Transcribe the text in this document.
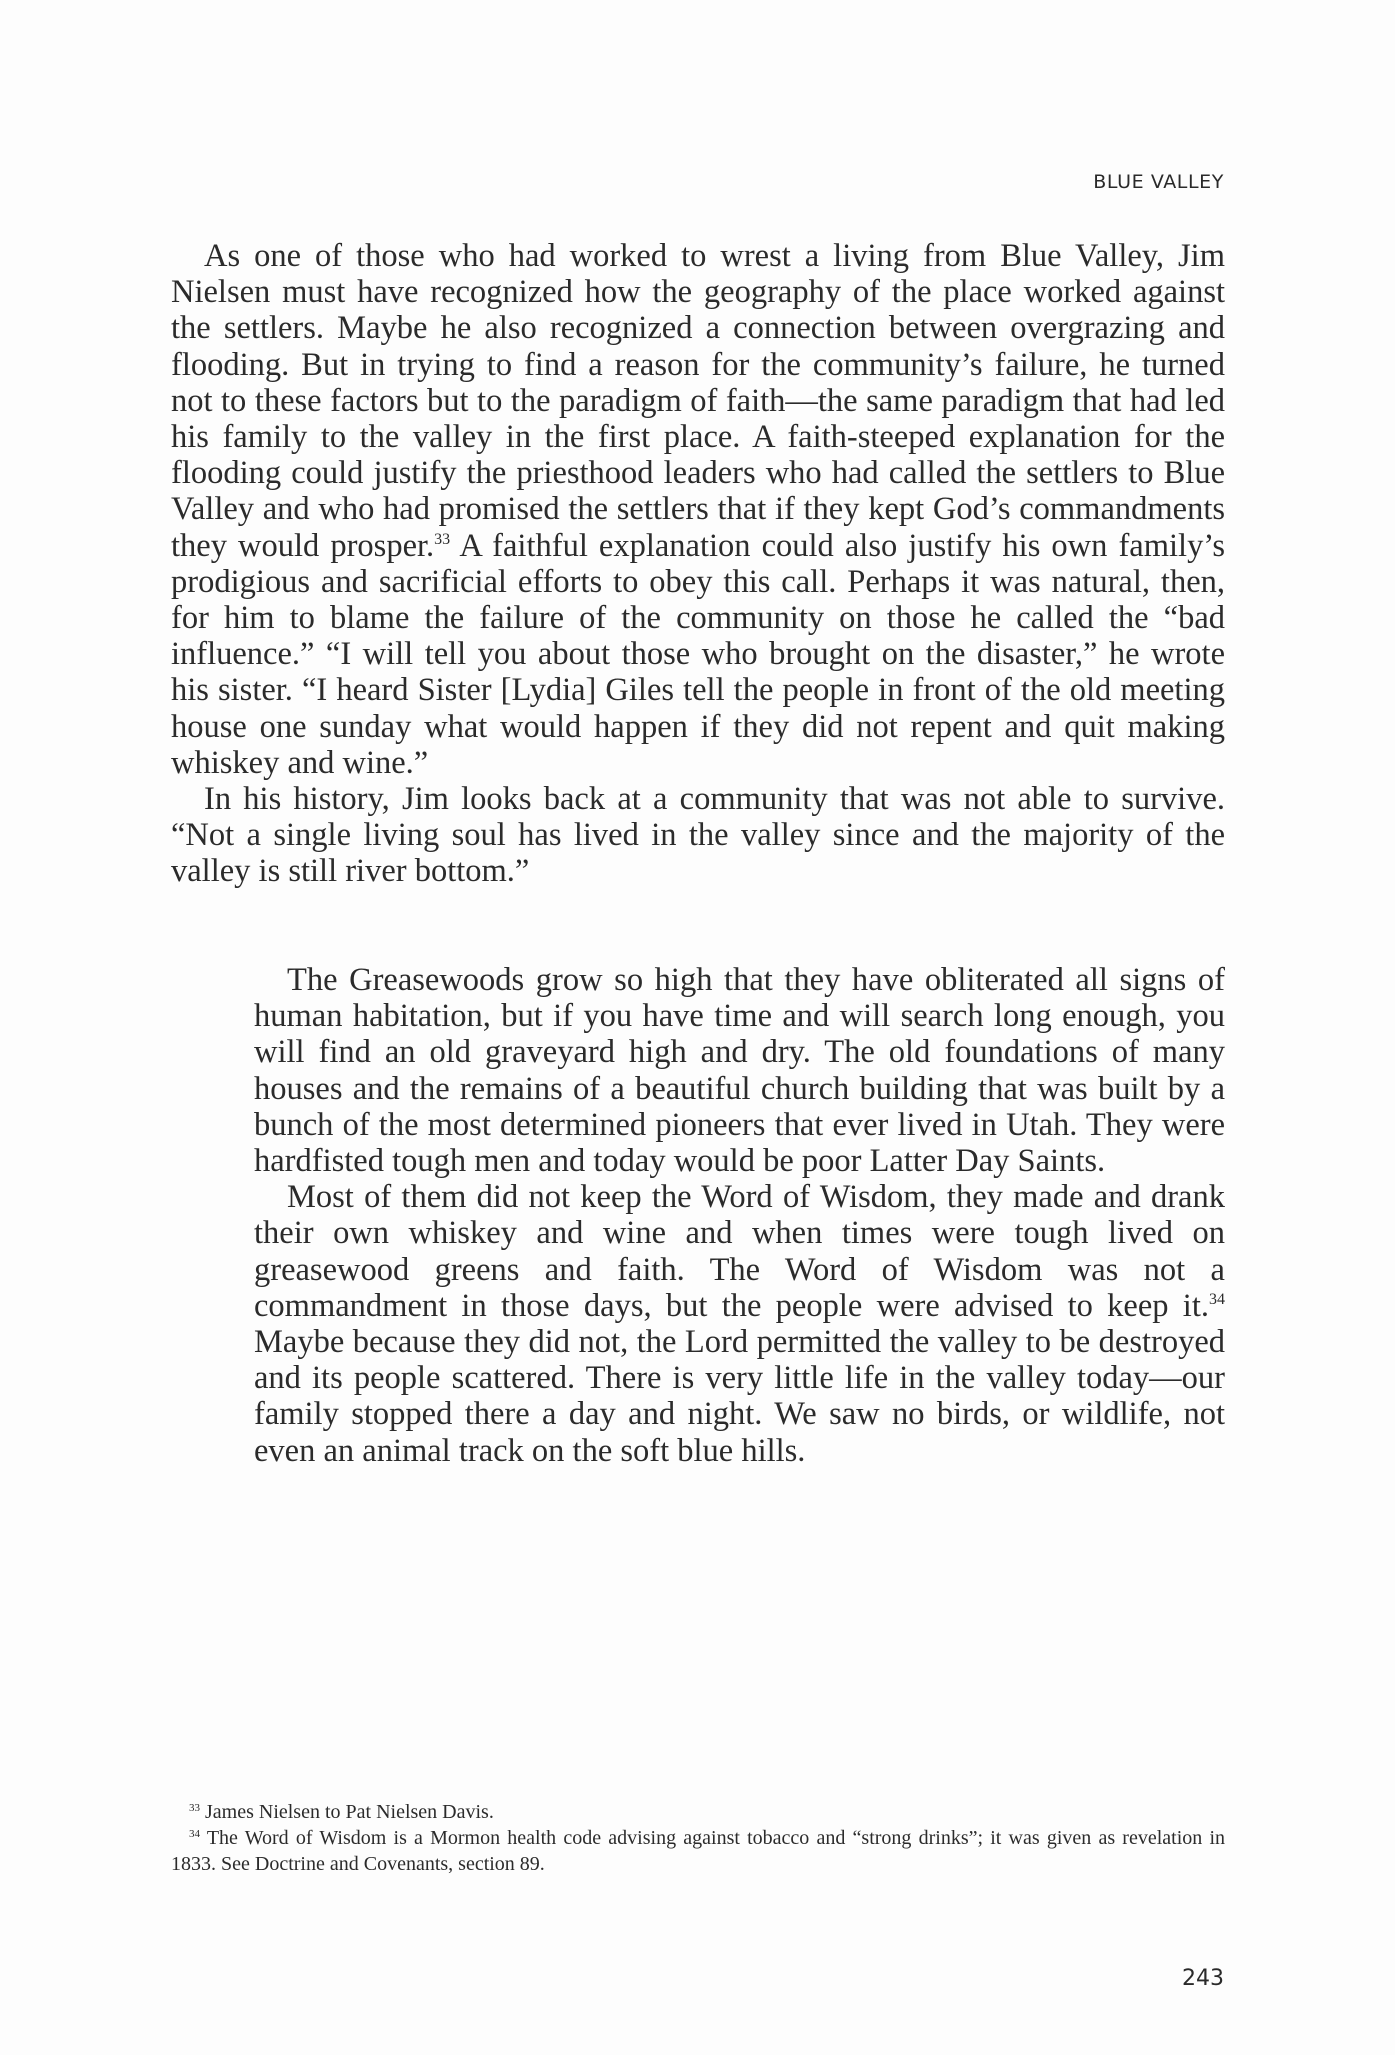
BLUE VALLEY

As one of those who had worked to wrest a living from Blue Valley, Jim Nielsen must have recognized how the geography of the place worked against the settlers. Maybe he also recognized a connection between overgrazing and flooding. But in trying to find a reason for the community’s failure, he turned not to these factors but to the paradigm of faith—the same paradigm that had led his family to the valley in the first place. A faith-steeped explanation for the flooding could justify the priesthood leaders who had called the settlers to Blue Valley and who had promised the settlers that if they kept God’s commandments they would prosper.$^{33}$ A faithful explanation could also justify his own family’s prodigious and sacrificial efforts to obey this call. Perhaps it was natural, then, for him to blame the failure of the community on those he called the “bad influence.” “I will tell you about those who brought on the disaster,” he wrote his sister. “I heard Sister [Lydia] Giles tell the people in front of the old meeting house one sunday what would happen if they did not repent and quit making whiskey and wine.”

In his history, Jim looks back at a community that was not able to survive. “Not a single living soul has lived in the valley since and the majority of the valley is still river bottom.”

The Greasewoods grow so high that they have obliterated all signs of human habitation, but if you have time and will search long enough, you will find an old graveyard high and dry. The old foundations of many houses and the remains of a beautiful church building that was built by a bunch of the most determined pioneers that ever lived in Utah. They were hardfisted tough men and today would be poor Latter Day Saints.

Most of them did not keep the Word of Wisdom, they made and drank their own whiskey and wine and when times were tough lived on greasewood greens and faith. The Word of Wisdom was not a commandment in those days, but the people were advised to keep it.$^{34}$ Maybe because they did not, the Lord permitted the valley to be destroyed and its people scattered. There is very little life in the valley today—our family stopped there a day and night. We saw no birds, or wildlife, not even an animal track on the soft blue hills.

$^{33}$ James Nielsen to Pat Nielsen Davis.

$^{34}$ The Word of Wisdom is a Mormon health code advising against tobacco and “strong drinks”; it was given as revelation in 1833. See Doctrine and Covenants, section 89.

243
